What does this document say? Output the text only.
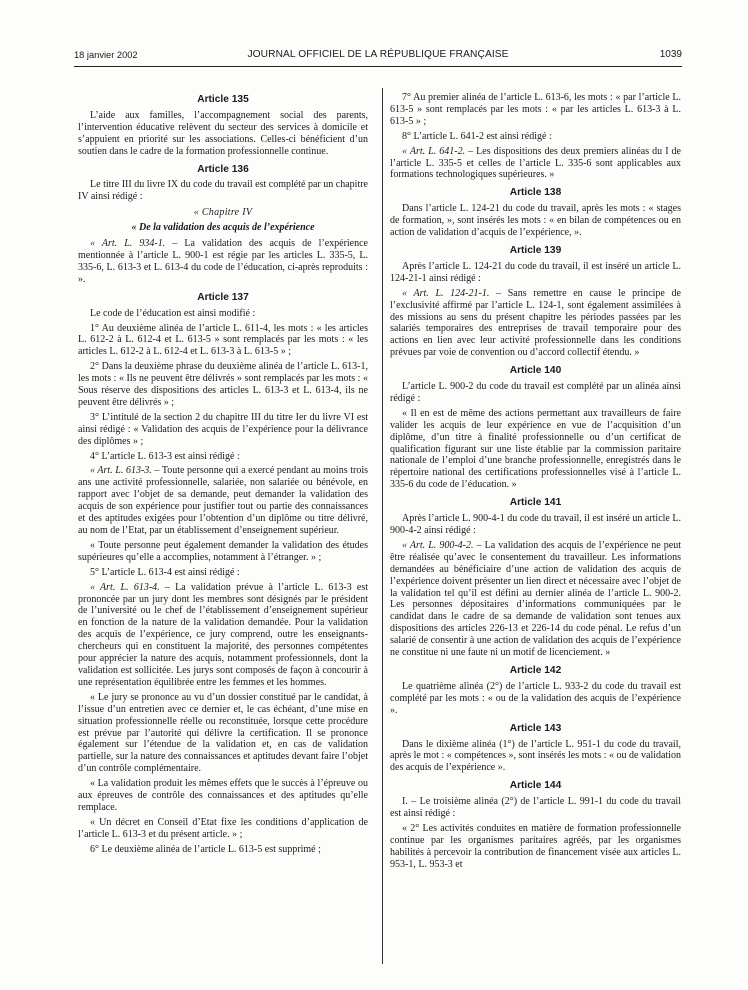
18 janvier 2002	JOURNAL OFFICIEL DE LA RÉPUBLIQUE FRANÇAISE	1039
Article 135

L’aide aux familles, l’accompagnement social des parents, l’intervention éducative relèvent du secteur des services à domicile et s’appuient en priorité sur les associations. Celles-ci bénéficient d’un soutien dans le cadre de la formation professionnelle continue.

Article 136

Le titre III du livre IX du code du travail est complété par un chapitre IV ainsi rédigé :

« Chapitre IV
« De la validation des acquis de l’expérience

« Art. L. 934-1. – La validation des acquis de l’expérience mentionnée à l’article L. 900-1 est régie par les articles L. 335-5, L. 335-6, L. 613-3 et L. 613-4 du code de l’éducation, ci-après reproduits : ».

Article 137

Le code de l’éducation est ainsi modifié :

1° Au deuxième alinéa de l’article L. 611-4, les mots : « les articles L. 612-2 à L. 612-4 et L. 613-5 » sont remplacés par les mots : « les articles L. 612-2 à L. 612-4 et L. 613-3 à L. 613-5 » ;

2° Dans la deuxième phrase du deuxième alinéa de l’article L. 613-1, les mots : « Ils ne peuvent être délivrés » sont remplacés par les mots : « Sous réserve des dispositions des articles L. 613-3 et L. 613-4, ils ne peuvent être délivrés » ;

3° L’intitulé de la section 2 du chapitre III du titre Ier du livre VI est ainsi rédigé : « Validation des acquis de l’expérience pour la délivrance des diplômes » ;

4° L’article L. 613-3 est ainsi rédigé :

« Art. L. 613-3. – Toute personne qui a exercé pendant au moins trois ans une activité professionnelle, salariée, non salariée ou bénévole, en rapport avec l’objet de sa demande, peut demander la validation des acquis de son expérience pour justifier tout ou partie des connaissances et des aptitudes exigées pour l’obtention d’un diplôme ou titre délivré, au nom de l’Etat, par un établissement d’enseignement supérieur.

« Toute personne peut également demander la validation des études supérieures qu’elle a accomplies, notamment à l’étranger. » ;

5° L’article L. 613-4 est ainsi rédigé :

« Art. L. 613-4. – La validation prévue à l’article L. 613-3 est prononcée par un jury dont les membres sont désignés par le président de l’université ou le chef de l’établissement d’enseignement supérieur en fonction de la nature de la validation demandée. Pour la validation des acquis de l’expérience, ce jury comprend, outre les enseignants-chercheurs qui en constituent la majorité, des personnes compétentes pour apprécier la nature des acquis, notamment professionnels, dont la validation est sollicitée. Les jurys sont composés de façon à concourir à une représentation équilibrée entre les femmes et les hommes.

« Le jury se prononce au vu d’un dossier constitué par le candidat, à l’issue d’un entretien avec ce dernier et, le cas échéant, d’une mise en situation professionnelle réelle ou reconstituée, lorsque cette procédure est prévue par l’autorité qui délivre la certification. Il se prononce également sur l’étendue de la validation et, en cas de validation partielle, sur la nature des connaissances et aptitudes devant faire l’objet d’un contrôle complémentaire.

« La validation produit les mêmes effets que le succès à l’épreuve ou aux épreuves de contrôle des connaissances et des aptitudes qu’elle remplace.

« Un décret en Conseil d’Etat fixe les conditions d’application de l’article L. 613-3 et du présent article. » ;

6° Le deuxième alinéa de l’article L. 613-5 est supprimé ;

7° Au premier alinéa de l’article L. 613-6, les mots : « par l’article L. 613-5 » sont remplacés par les mots : « par les articles L. 613-3 à L. 613-5 » ;

8° L’article L. 641-2 est ainsi rédigé :

« Art. L. 641-2. – Les dispositions des deux premiers alinéas du I de l’article L. 335-5 et celles de l’article L. 335-6 sont applicables aux formations technologiques supérieures. »

Article 138

Dans l’article L. 124-21 du code du travail, après les mots : « stages de formation, », sont insérés les mots : « en bilan de compétences ou en action de validation d’acquis de l’expérience, ».

Article 139

Après l’article L. 124-21 du code du travail, il est inséré un article L. 124-21-1 ainsi rédigé :

« Art. L. 124-21-1. – Sans remettre en cause le principe de l’exclusivité affirmé par l’article L. 124-1, sont également assimilées à des missions au sens du présent chapitre les périodes passées par les salariés temporaires des entreprises de travail temporaire pour des actions en lien avec leur activité professionnelle dans les conditions prévues par voie de convention ou d’accord collectif étendu. »

Article 140

L’article L. 900-2 du code du travail est complété par un alinéa ainsi rédigé :

« Il en est de même des actions permettant aux travailleurs de faire valider les acquis de leur expérience en vue de l’acquisition d’un diplôme, d’un titre à finalité professionnelle ou d’un certificat de qualification figurant sur une liste établie par la commission paritaire nationale de l’emploi d’une branche professionnelle, enregistrés dans le répertoire national des certifications professionnelles visé à l’article L. 335-6 du code de l’éducation. »

Article 141

Après l’article L. 900-4-1 du code du travail, il est inséré un article L. 900-4-2 ainsi rédigé :

« Art. L. 900-4-2. – La validation des acquis de l’expérience ne peut être réalisée qu’avec le consentement du travailleur. Les informations demandées au bénéficiaire d’une action de validation des acquis de l’expérience doivent présenter un lien direct et nécessaire avec l’objet de la validation tel qu’il est défini au dernier alinéa de l’article L. 900-2. Les personnes dépositaires d’informations communiquées par le candidat dans le cadre de sa demande de validation sont tenues aux dispositions des articles 226-13 et 226-14 du code pénal. Le refus d’un salarié de consentir à une action de validation des acquis de l’expérience ne constitue ni une faute ni un motif de licenciement. »

Article 142

Le quatrième alinéa (2°) de l’article L. 933-2 du code du travail est complété par les mots : « ou de la validation des acquis de l’expérience ».

Article 143

Dans le dixième alinéa (1°) de l’article L. 951-1 du code du travail, après le mot : « compétences », sont insérés les mots : « ou de validation des acquis de l’expérience ».

Article 144

I. – Le troisième alinéa (2°) de l’article L. 991-1 du code du travail est ainsi rédigé :

« 2° Les activités conduites en matière de formation professionnelle continue par les organismes paritaires agréés, par les organismes habilités à percevoir la contribution de financement visée aux articles L. 953-1, L. 953-3 et
